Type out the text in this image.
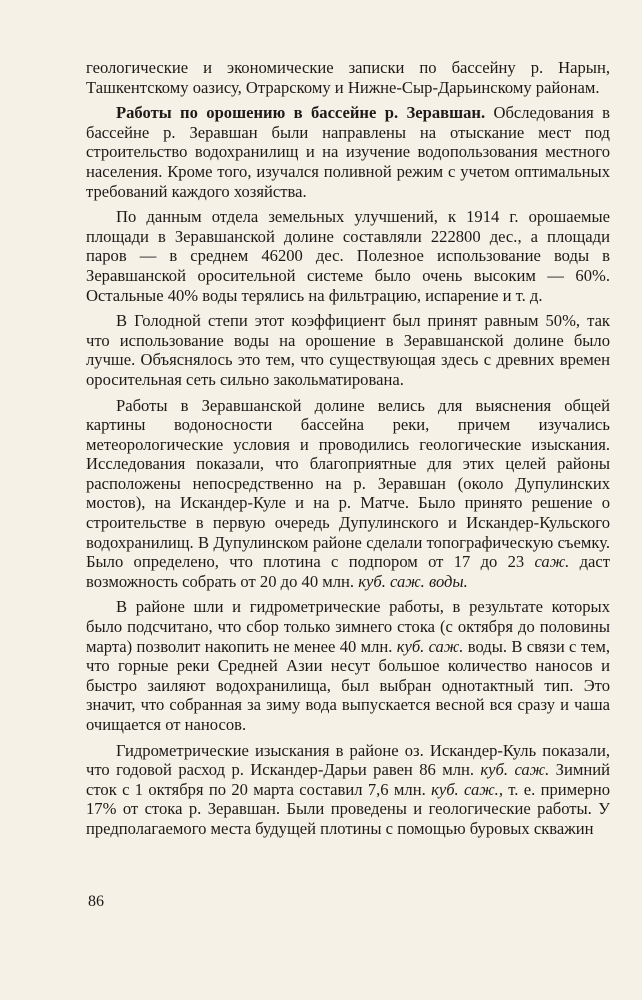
геологические и экономические записки по бассейну р. Нарын, Ташкентскому оазису, Отрарскому и Нижне-Сыр-Дарьинскому районам.

Работы по орошению в бассейне р. Зеравшан. Обследования в бассейне р. Зеравшан были направлены на отыскание мест под строительство водохранилищ и на изучение водопользования местного населения. Кроме того, изучался поливной режим с учетом оптимальных требований каждого хозяйства.

По данным отдела земельных улучшений, к 1914 г. орошаемые площади в Зеравшанской долине составляли 222800 дес., а площади паров — в среднем 46200 дес. Полезное использование воды в Зеравшанской оросительной системе было очень высоким — 60%. Остальные 40% воды терялись на фильтрацию, испарение и т. д.

В Голодной степи этот коэффициент был принят равным 50%, так что использование воды на орошение в Зеравшанской долине было лучше. Объяснялось это тем, что существующая здесь с древних времен оросительная сеть сильно закольматирована.

Работы в Зеравшанской долине велись для выяснения общей картины водоносности бассейна реки, причем изучались метеорологические условия и проводились геологические изыскания. Исследования показали, что благоприятные для этих целей районы расположены непосредственно на р. Зеравшан (около Дупулинских мостов), на Искандер-Куле и на р. Матче. Было принято решение о строительстве в первую очередь Дупулинского и Искандер-Кульского водохранилищ. В Дупулинском районе сделали топографическую съемку. Было определено, что плотина с подпором от 17 до 23 саж. даст возможность собрать от 20 до 40 млн. куб. саж. воды.

В районе шли и гидрометрические работы, в результате которых было подсчитано, что сбор только зимнего стока (с октября до половины марта) позволит накопить не менее 40 млн. куб. саж. воды. В связи с тем, что горные реки Средней Азии несут большое количество наносов и быстро заиляют водохранилища, был выбран однотактный тип. Это значит, что собранная за зиму вода выпускается весной вся сразу и чаша очищается от наносов.

Гидрометрические изыскания в районе оз. Искандер-Куль показали, что годовой расход р. Искандер-Дарьи равен 86 млн. куб. саж. Зимний сток с 1 октября по 20 марта составил 7,6 млн. куб. саж., т. е. примерно 17% от стока р. Зеравшан. Были проведены и геологические работы. У предполагаемого места будущей плотины с помощью буровых скважин

86
